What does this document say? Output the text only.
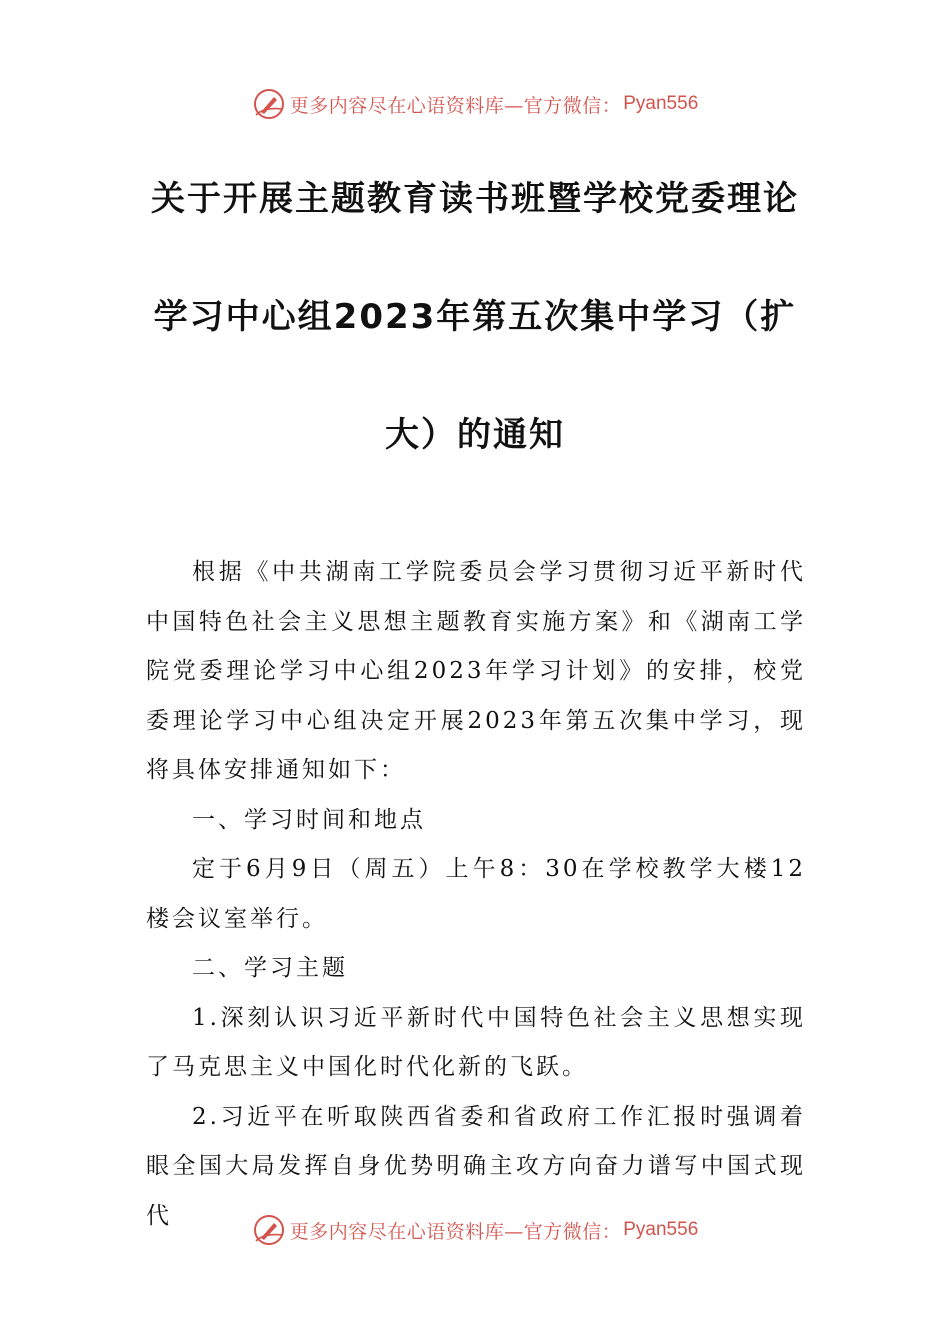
更多内容尽在心语资料库—官方微信： Pyan556
关于开展主题教育读书班暨学校党委理论
学习中心组2023年第五次集中学习（扩
大）的通知

根据《中共湖南工学院委员会学习贯彻习近平新时代中国特色社会主义思想主题教育实施方案》和《湖南工学院党委理论学习中心组2023年学习计划》的安排，校党委理论学习中心组决定开展2023年第五次集中学习，现将具体安排通知如下：

一、学习时间和地点

定于6月9日（周五）上午8：30在学校教学大楼12楼会议室举行。

二、学习主题

1.深刻认识习近平新时代中国特色社会主义思想实现了马克思主义中国化时代化新的飞跃。

2.习近平在听取陕西省委和省政府工作汇报时强调着眼全国大局发挥自身优势明确主攻方向奋力谱写中国式现代

更多内容尽在心语资料库—官方微信： Pyan556
